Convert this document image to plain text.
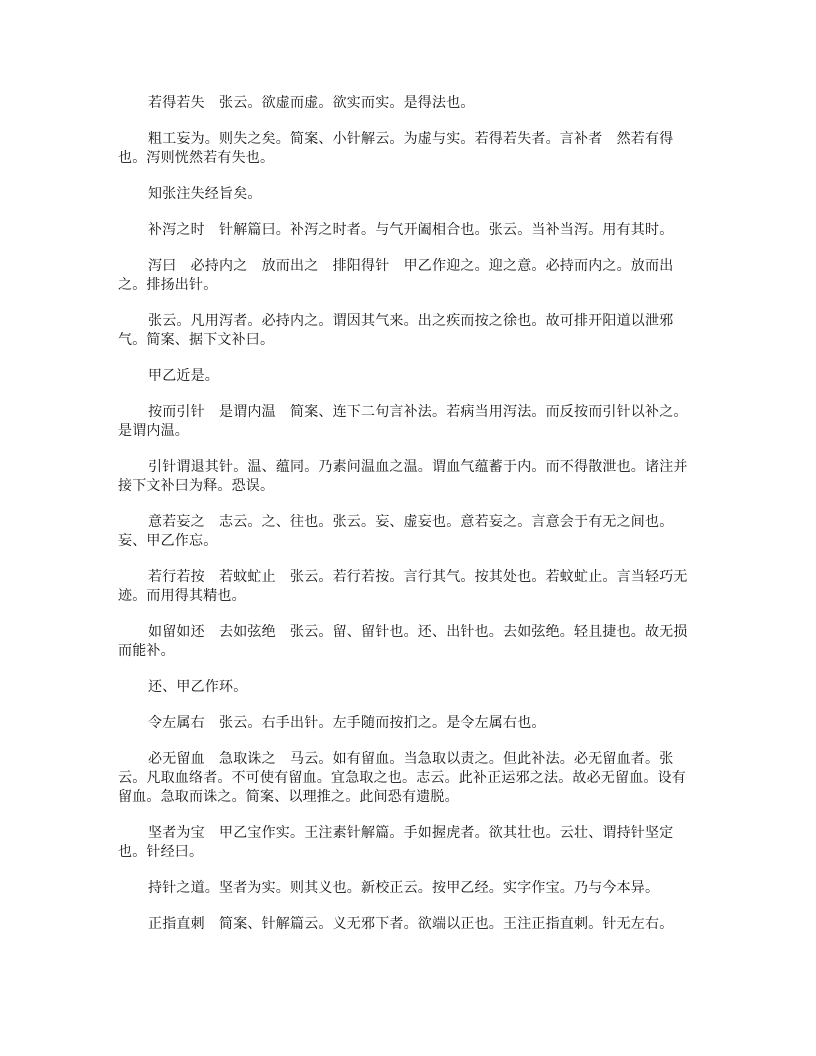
若得若失　张云。欲虚而虚。欲实而实。是得法也。

粗工妄为。则失之矣。简案、小针解云。为虚与实。若得若失者。言补者　然若有得也。泻则恍然若有失也。

知张注失经旨矣。

补泻之时　针解篇曰。补泻之时者。与气开阖相合也。张云。当补当泻。用有其时。

泻曰　必持内之　放而出之　排阳得针　甲乙作迎之。迎之意。必持而内之。放而出之。排扬出针。

张云。凡用泻者。必持内之。谓因其气来。出之疾而按之徐也。故可排开阳道以泄邪气。简案、据下文补曰。

甲乙近是。

按而引针　是谓内温　简案、连下二句言补法。若病当用泻法。而反按而引针以补之。是谓内温。

引针谓退其针。温、蕴同。乃素问温血之温。谓血气蕴蓄于内。而不得散泄也。诸注并接下文补曰为释。恐误。

意若妄之　志云。之、往也。张云。妄、虚妄也。意若妄之。言意会于有无之间也。妄、甲乙作忘。

若行若按　若蚊虻止　张云。若行若按。言行其气。按其处也。若蚊虻止。言当轻巧无迹。而用得其精也。

如留如还　去如弦绝　张云。留、留针也。还、出针也。去如弦绝。轻且捷也。故无损而能补。

还、甲乙作环。

令左属右　张云。右手出针。左手随而按扪之。是令左属右也。

必无留血　急取诛之　马云。如有留血。当急取以责之。但此补法。必无留血者。张云。凡取血络者。不可使有留血。宜急取之也。志云。此补正运邪之法。故必无留血。设有留血。急取而诛之。简案、以理推之。此间恐有遗脱。

坚者为宝　甲乙宝作实。王注素针解篇。手如握虎者。欲其壮也。云壮、谓持针坚定也。针经曰。

持针之道。坚者为实。则其义也。新校正云。按甲乙经。实字作宝。乃与今本异。

正指直刺　简案、针解篇云。义无邪下者。欲端以正也。王注正指直刺。针无左右。
